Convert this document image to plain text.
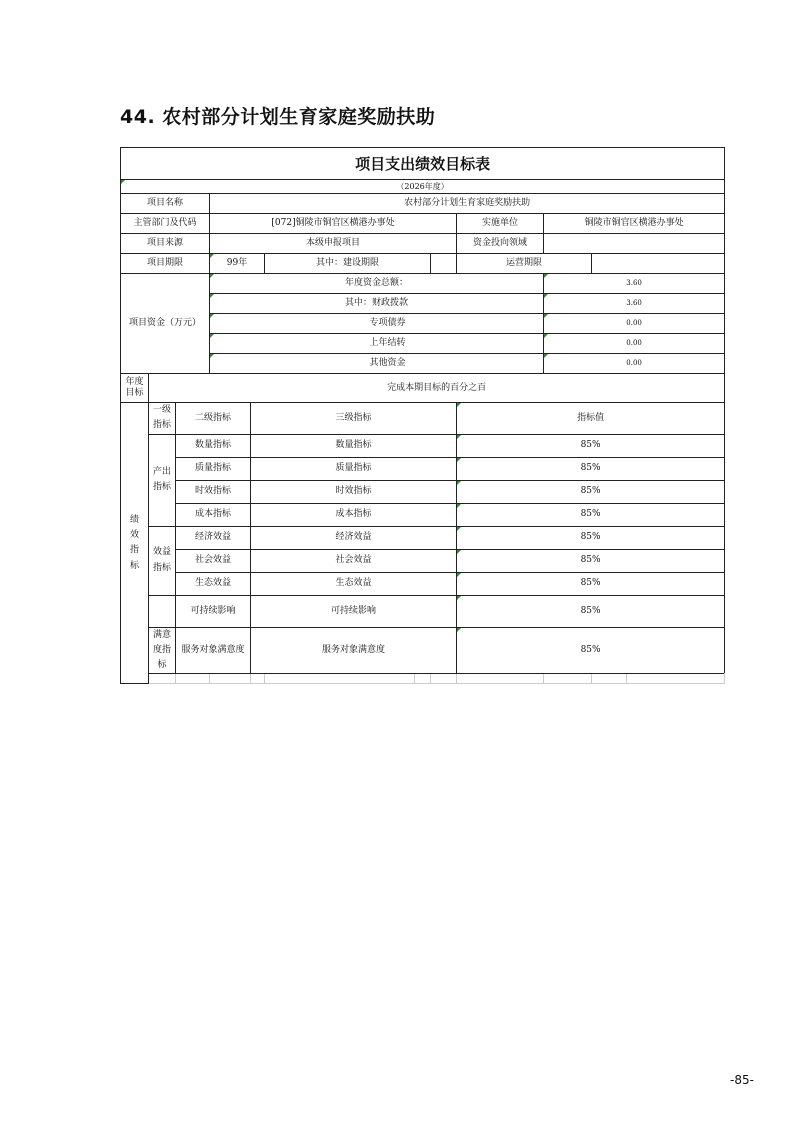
44. 农村部分计划生育家庭奖励扶助
项目支出绩效目标表												

（2026年度）												
项目名称			农村部分计划生育家庭奖励扶助									
主管部门及代码			[072]铜陵市铜官区横港办事处					实施单位	铜陵市铜官区横港办事处			
项目来源			本级申报项目					资金投向领域				
项目期限			99年		其中：建设期限			运营期限				
项目资金（万元）			年度资金总额：						3.60			

其中：财政拨款						3.60			

专项债券						0.00			

上年结转						0.00			

其他资金						0.00			
年度目标	完成本期目标的百分之百											
绩效指标	一级指标	二级指标		三级指标				指标值				
	产出指标	数量指标		数量指标				85%				
		质量指标		质量指标				85%				
		时效指标		时效指标				85%				
		成本指标		成本指标				85%				
	效益指标	经济效益		经济效益				85%				
		社会效益		社会效益				85%				
		生态效益		生态效益				85%				
		可持续影响		可持续影响				85%				
	满意度指标	服务对象满意度		服务对象满意度				85%				

-85-
